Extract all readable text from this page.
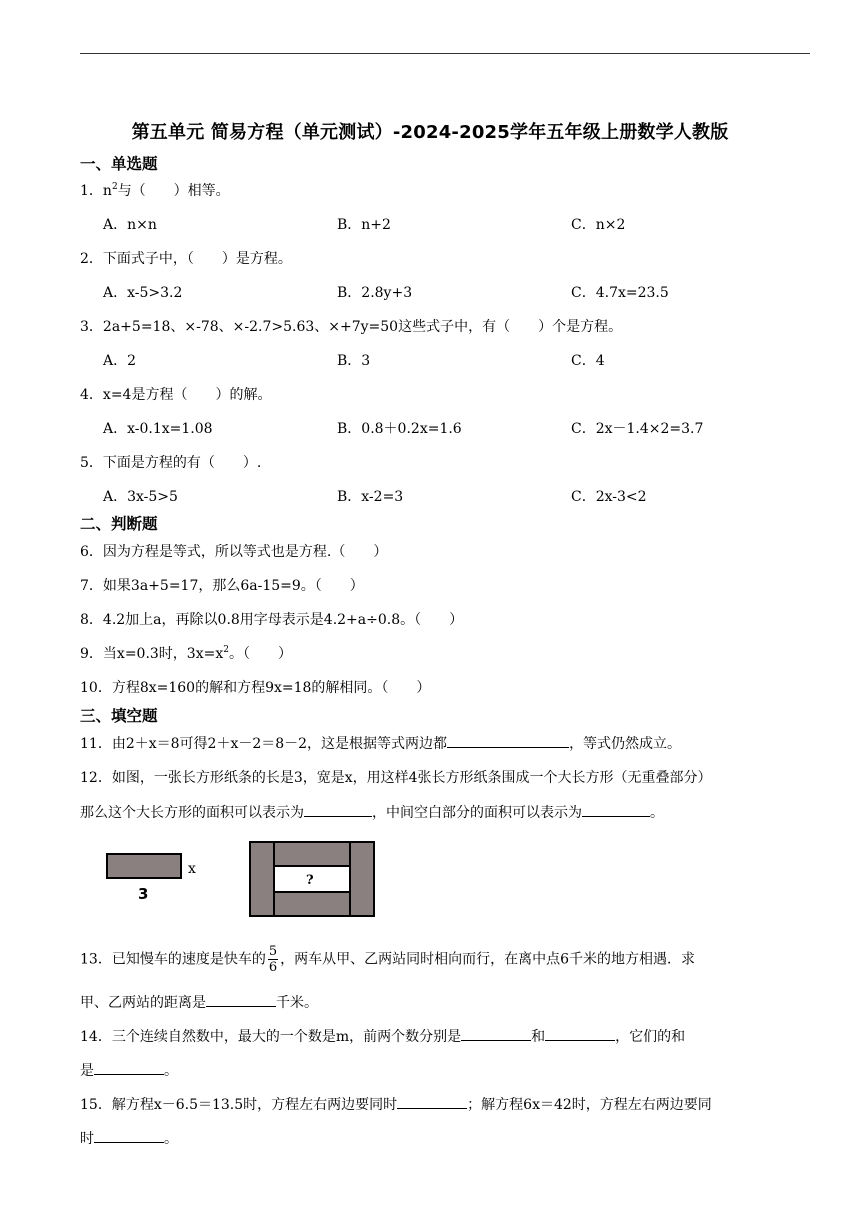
第五单元 简易方程（单元测试）-2024-2025学年五年级上册数学人教版
一、单选题
1．$n^2$与（　　）相等。
A．n×n	B．n+2	C．n×2
2．下面式子中，（　　）是方程。
A．x-5>3.2	B．2.8y+3	C．4.7x=23.5
3．2a+5=18、×-78、×-2.7>5.63、×+7y=50这些式子中，有（　　）个是方程。
A．2	B．3	C．4
4．x=4是方程（　　）的解。
A．x-0.1x=1.08	B．0.8＋0.2x=1.6	C．2x－1.4×2=3.7
5．下面是方程的有（　　）.
A．3x-5>5	B．x-2=3	C．2x-3<2
二、判断题
6．因为方程是等式，所以等式也是方程.（　　）
7．如果3a+5=17，那么6a-15=9。（　　）
8．4.2加上a，再除以0.8用字母表示是4.2+a÷0.8。（　　）
9．当x=0.3时，$3x=x^2$。（　　）
10．方程8x=160的解和方程9x=18的解相同。（　　）
三、填空题
11．由2＋x＝8可得2＋x－2＝8－2，这是根据等式两边都	，等式仍然成立。
12．如图，一张长方形纸条的长是3，宽是x，用这样4张长方形纸条围成一个大长方形（无重叠部分）
那么这个大长方形的面积可以表示为	，中间空白部分的面积可以表示为	。
x
3
?
13．已知慢车的速度是快车的 $\frac{5}{6}$ ，两车从甲、乙两站同时相向而行，在离中点6千米的地方相遇．求
甲、乙两站的距离是	千米。
14．三个连续自然数中，最大的一个数是m，前两个数分别是	和	，它们的和
是	。
15．解方程x－6.5＝13.5时，方程左右两边要同时	；解方程6x＝42时，方程左右两边要同
时	。
